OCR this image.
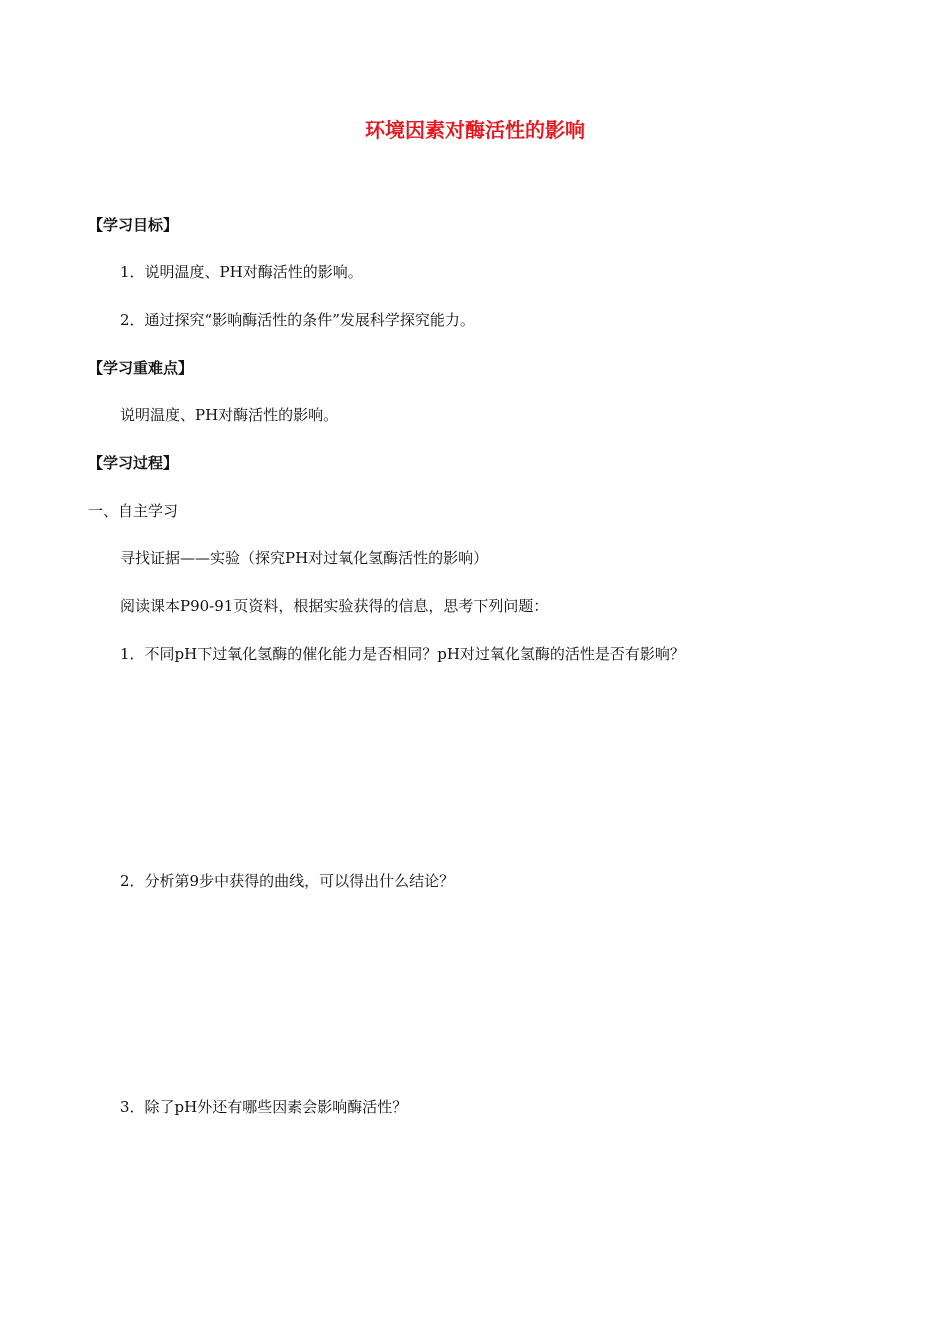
环境因素对酶活性的影响

【学习目标】

1．说明温度、PH对酶活性的影响。

2．通过探究“影响酶活性的条件”发展科学探究能力。

【学习重难点】

说明温度、PH对酶活性的影响。

【学习过程】

一、自主学习

寻找证据——实验（探究PH对过氧化氢酶活性的影响）

阅读课本P90-91页资料，根据实验获得的信息，思考下列问题：

1．不同pH下过氧化氢酶的催化能力是否相同？pH对过氧化氢酶的活性是否有影响？

2．分析第9步中获得的曲线，可以得出什么结论？

3．除了pH外还有哪些因素会影响酶活性？
